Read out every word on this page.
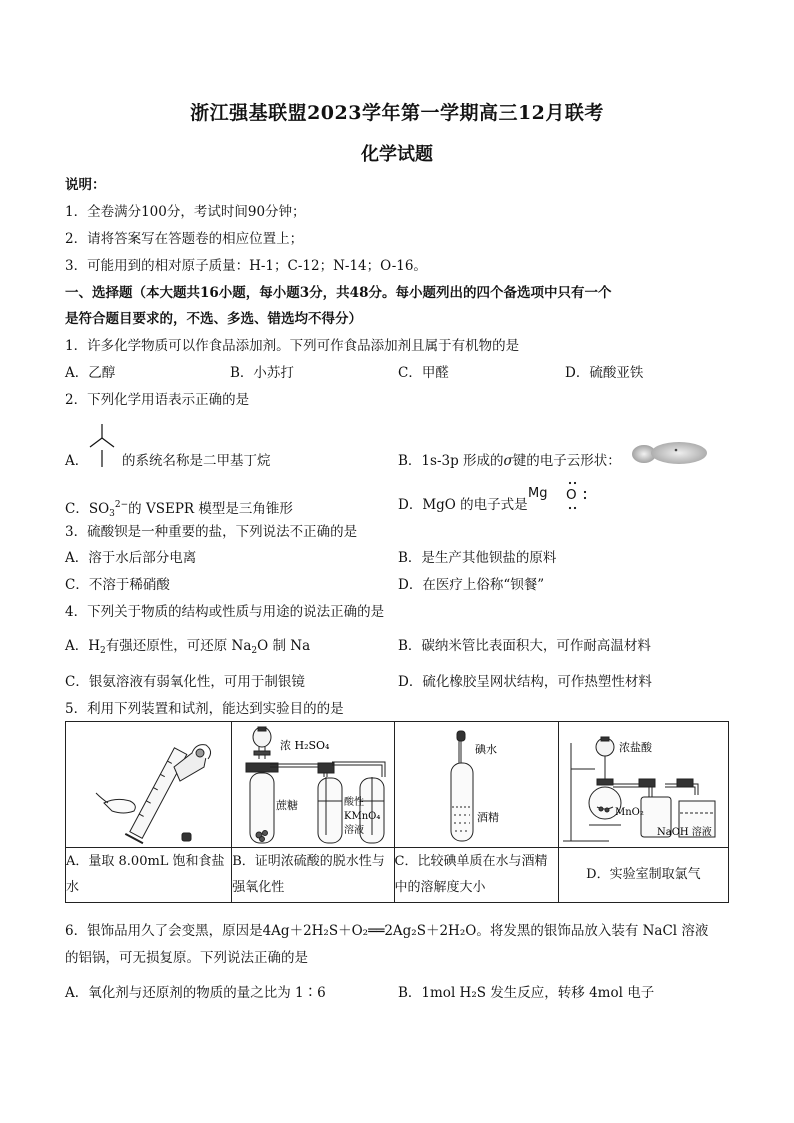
浙江强基联盟2023学年第一学期高三12月联考
化学试题
说明：
1．全卷满分100分，考试时间90分钟；
2．请将答案写在答题卷的相应位置上；
3．可能用到的相对原子质量：H-1；C-12；N-14；O-16。
一、选择题（本大题共16小题，每小题3分，共48分。每小题列出的四个备选项中只有一个
是符合题目要求的，不选、多选、错选均不得分）
1．许多化学物质可以作食品添加剂。下列可作食品添加剂且属于有机物的是
A．乙醇	B．小苏打	C．甲醛	D．硫酸亚铁
2．下列化学用语表示正确的是
A．	的系统名称是二甲基丁烷	B．1s-3p 形成的σ键的电子云形状：
C．$SO_3^{2-}$的 VSEPR 模型是三角锥形	D．MgO 的电子式是
Mg O
3．硫酸钡是一种重要的盐，下列说法不正确的是
A．溶于水后部分电离	B．是生产其他钡盐的原料
C．不溶于稀硝酸	D．在医疗上俗称“钡餐”
4．下列关于物质的结构或性质与用途的说法正确的是
A．$H_2$有强还原性，可还原 $Na_2O$ 制 Na	B．碳纳米管比表面积大，可作耐高温材料
C．银氨溶液有弱氧化性，可用于制银镜	D．硫化橡胶呈网状结构，可作热塑性材料
5．利用下列装置和试剂，能达到实验目的的是

浓 H₂SO₄
蔗糖 酸性
KMnO₄
溶液	碘水
酒精	浓盐酸
MnO₂
NaOH 溶液

A．量取 8.00mL 饱和食盐水	B．证明浓硫酸的脱水性与强氧化性	C．比较碘单质在水与酒精中的溶解度大小	D．实验室制取氯气
6．银饰品用久了会变黑，原因是4Ag＋2H₂S＋O₂══2Ag₂S＋2H₂O。将发黑的银饰品放入装有 NaCl 溶液
的铝锅，可无损复原。下列说法正确的是
A．氧化剂与还原剂的物质的量之比为 1∶6	B．1mol H₂S 发生反应，转移 4mol 电子
